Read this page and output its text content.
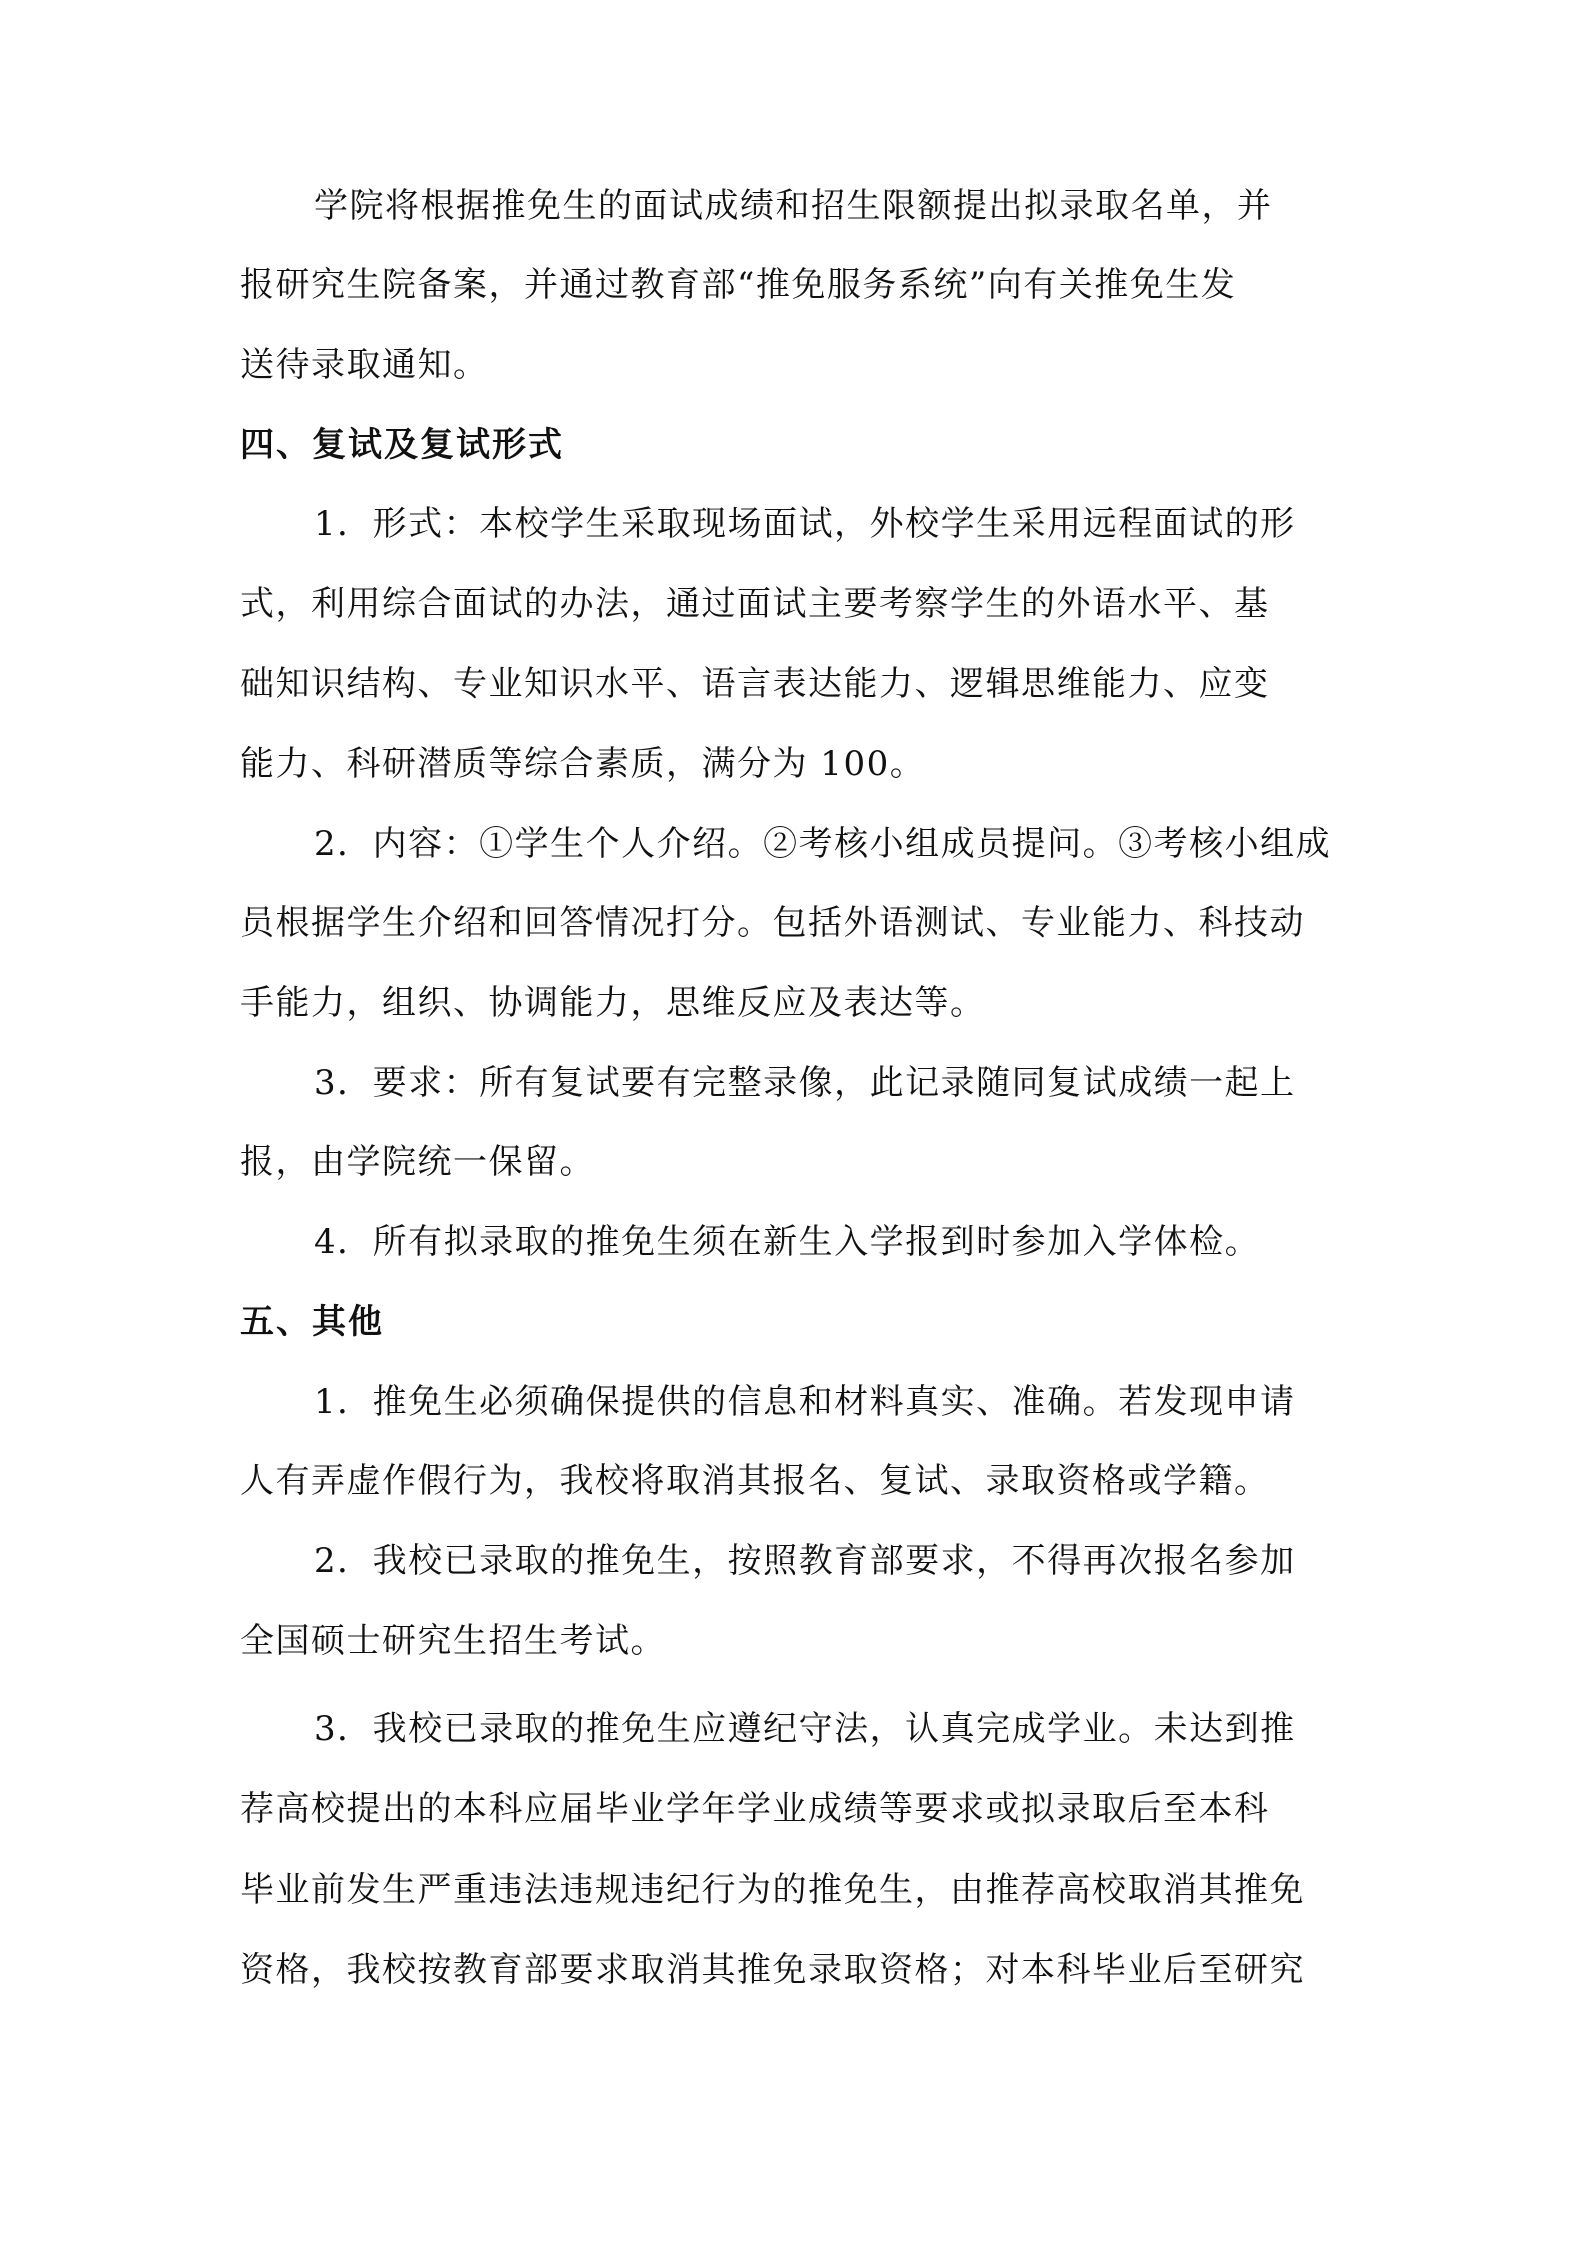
学院将根据推免生的面试成绩和招生限额提出拟录取名单，并
报研究生院备案，并通过教育部“推免服务系统”向有关推免生发
送待录取通知。
四、复试及复试形式
1．形式：本校学生采取现场面试，外校学生采用远程面试的形
式，利用综合面试的办法，通过面试主要考察学生的外语水平、基
础知识结构、专业知识水平、语言表达能力、逻辑思维能力、应变
能力、科研潜质等综合素质，满分为 100。
2．内容：①学生个人介绍。②考核小组成员提问。③考核小组成
员根据学生介绍和回答情况打分。包括外语测试、专业能力、科技动
手能力，组织、协调能力，思维反应及表达等。
3．要求：所有复试要有完整录像，此记录随同复试成绩一起上
报，由学院统一保留。
4．所有拟录取的推免生须在新生入学报到时参加入学体检。
五、其他
1．推免生必须确保提供的信息和材料真实、准确。若发现申请
人有弄虚作假行为，我校将取消其报名、复试、录取资格或学籍。
2．我校已录取的推免生，按照教育部要求，不得再次报名参加
全国硕士研究生招生考试。
3．我校已录取的推免生应遵纪守法，认真完成学业。未达到推
荐高校提出的本科应届毕业学年学业成绩等要求或拟录取后至本科
毕业前发生严重违法违规违纪行为的推免生，由推荐高校取消其推免
资格，我校按教育部要求取消其推免录取资格；对本科毕业后至研究
